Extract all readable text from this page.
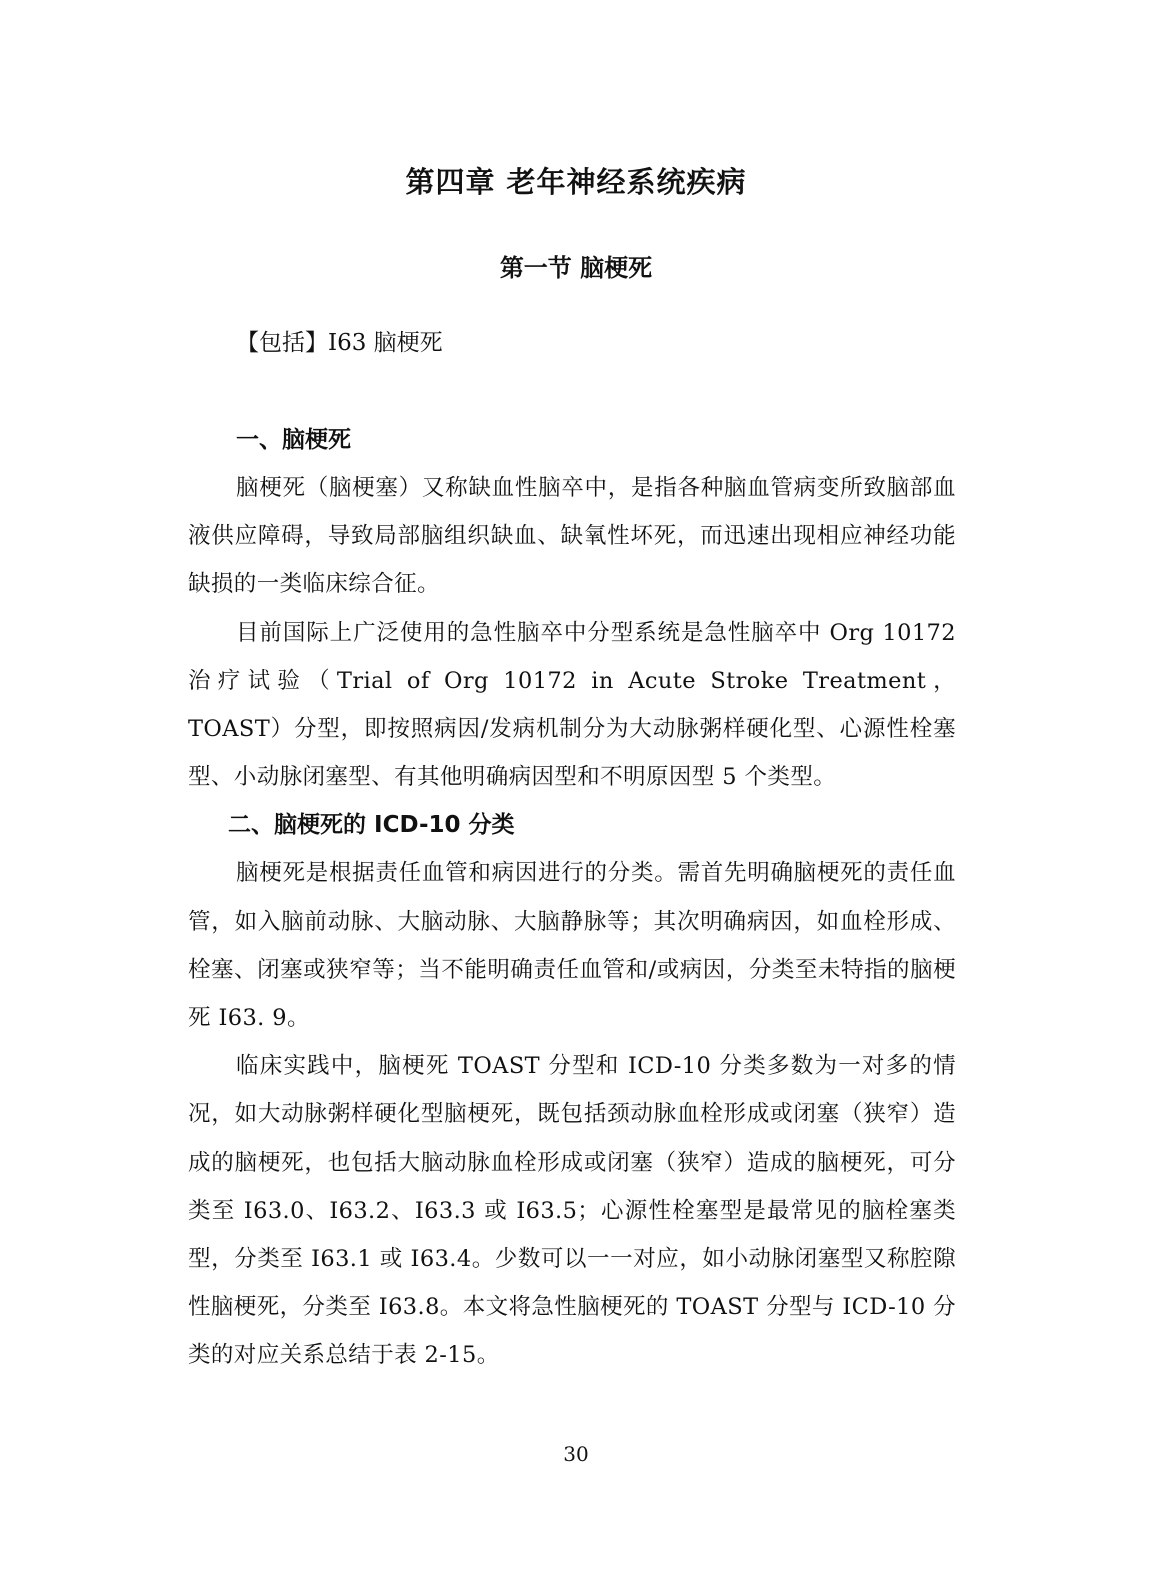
第四章 老年神经系统疾病
第一节 脑梗死
【包括】I63 脑梗死

一、脑梗死

脑梗死（脑梗塞）又称缺血性脑卒中，是指各种脑血管病变所致脑部血液供应障碍，导致局部脑组织缺血、缺氧性坏死，而迅速出现相应神经功能缺损的一类临床综合征。

目前国际上广泛使用的急性脑卒中分型系统是急性脑卒中 Org 10172 治疗试验（Trial of Org 10172 in Acute Stroke Treatment，TOAST）分型，即按照病因/发病机制分为大动脉粥样硬化型、心源性栓塞型、小动脉闭塞型、有其他明确病因型和不明原因型 5 个类型。

二、脑梗死的 ICD-10 分类

脑梗死是根据责任血管和病因进行的分类。需首先明确脑梗死的责任血管，如入脑前动脉、大脑动脉、大脑静脉等；其次明确病因，如血栓形成、栓塞、闭塞或狭窄等；当不能明确责任血管和/或病因，分类至未特指的脑梗死 I63. 9。

临床实践中，脑梗死 TOAST 分型和 ICD-10 分类多数为一对多的情况，如大动脉粥样硬化型脑梗死，既包括颈动脉血栓形成或闭塞（狭窄）造成的脑梗死，也包括大脑动脉血栓形成或闭塞（狭窄）造成的脑梗死，可分类至 I63.0、I63.2、I63.3 或 I63.5；心源性栓塞型是最常见的脑栓塞类型，分类至 I63.1 或 I63.4。少数可以一一对应，如小动脉闭塞型又称腔隙性脑梗死，分类至 I63.8。本文将急性脑梗死的 TOAST 分型与 ICD-10 分类的对应关系总结于表 2-15。

30
